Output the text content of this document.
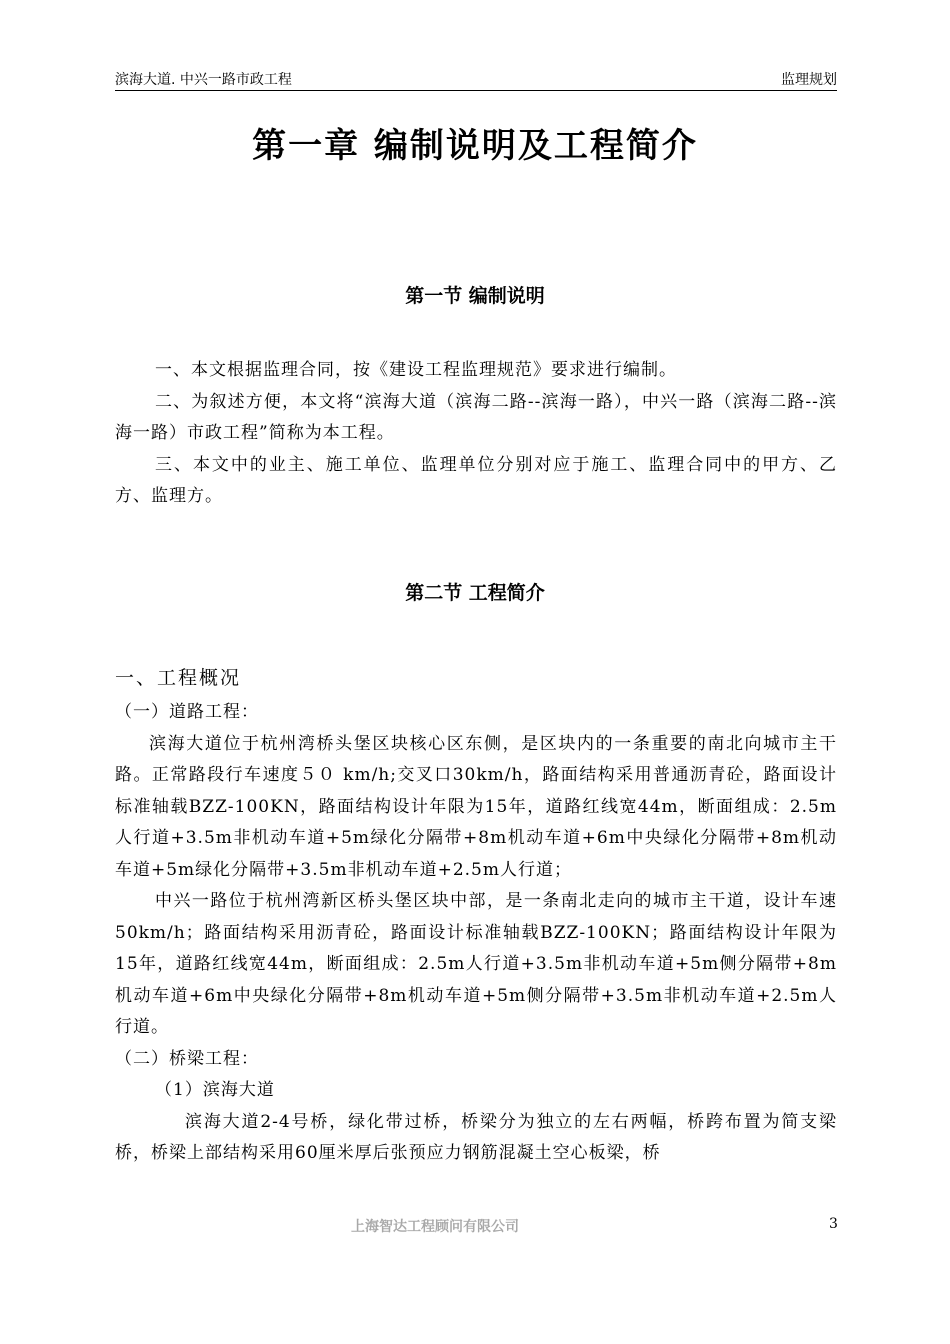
滨海大道. 中兴一路市政工程	监理规划
第一章 编制说明及工程简介
第一节 编制说明

一、本文根据监理合同，按《建设工程监理规范》要求进行编制。

二、为叙述方便，本文将“滨海大道（滨海二路--滨海一路），中兴一路（滨海二路--滨海一路）市政工程”简称为本工程。

三、本文中的业主、施工单位、监理单位分别对应于施工、监理合同中的甲方、乙方、监理方。

第二节 工程简介
一、工程概况

（一）道路工程：

滨海大道位于杭州湾桥头堡区块核心区东侧，是区块内的一条重要的南北向城市主干路。正常路段行车速度５０ km/h;交叉口30km/h，路面结构采用普通沥青砼，路面设计标准轴载BZZ-100KN，路面结构设计年限为15年，道路红线宽44m，断面组成：2.5m人行道+3.5m非机动车道+5m绿化分隔带+8m机动车道+6m中央绿化分隔带+8m机动车道+5m绿化分隔带+3.5m非机动车道+2.5m人行道；

中兴一路位于杭州湾新区桥头堡区块中部，是一条南北走向的城市主干道，设计车速50km/h；路面结构采用沥青砼，路面设计标准轴载BZZ-100KN；路面结构设计年限为15年，道路红线宽44m，断面组成：2.5m人行道+3.5m非机动车道+5m侧分隔带+8m机动车道+6m中央绿化分隔带+8m机动车道+5m侧分隔带+3.5m非机动车道+2.5m人行道。

（二）桥梁工程：

（1）滨海大道

滨海大道2-4号桥，绿化带过桥，桥梁分为独立的左右两幅，桥跨布置为简支梁桥，桥梁上部结构采用60厘米厚后张预应力钢筋混凝土空心板梁，桥

上海智达工程顾问有限公司	3
